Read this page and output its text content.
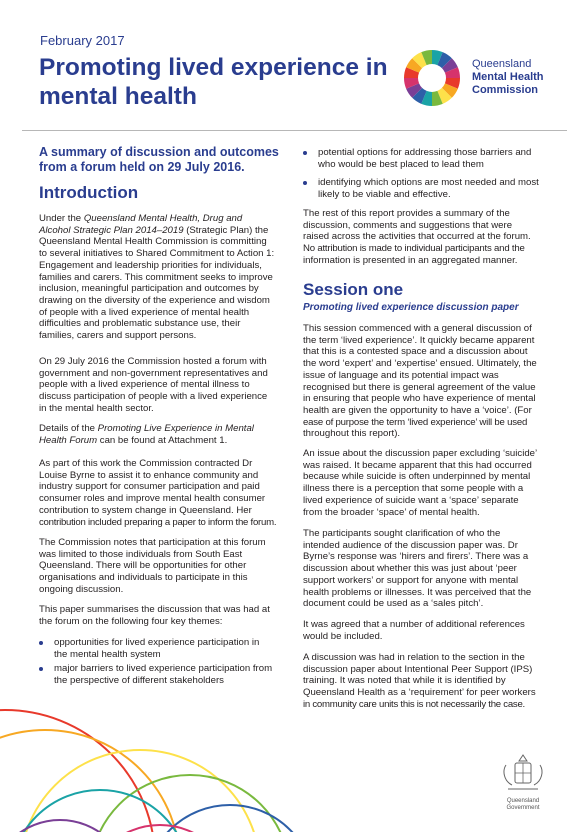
February 2017
Promoting lived experience in
mental health
Queensland
Mental Health
Commission
A summary of discussion and outcomes
from a forum held on 29 July 2016.
Introduction
Under the Queensland Mental Health, Drug and
Alcohol Strategic Plan 2014–2019 (Strategic Plan) the
Queensland Mental Health Commission is committing
to several initiatives to Shared Commitment to Action 1:
Engagement and leadership priorities for individuals,
families and carers. This commitment seeks to improve
inclusion, meaningful participation and outcomes by
drawing on the diversity of the experience and wisdom
of people with a lived experience of mental health
difficulties and problematic substance use, their
families, carers and support persons.
On 29 July 2016 the Commission hosted a forum with
government and non-government representatives and
people with a lived experience of mental illness to
discuss participation of people with a lived experience
in the mental health sector.
Details of the Promoting Live Experience in Mental
Health Forum can be found at Attachment 1.
As part of this work the Commission contracted Dr
Louise Byrne to assist it to enhance community and
industry support for consumer participation and paid
consumer roles and improve mental health consumer
contribution to system change in Queensland. Her
contribution included preparing a paper to inform the forum.
The Commission notes that participation at this forum
was limited to those individuals from South East
Queensland. There will be opportunities for other
organisations and individuals to participate in this
ongoing discussion.
This paper summarises the discussion that was had at
the forum on the following four key themes:
opportunities for lived experience participation in
the mental health system
major barriers to lived experience participation from
the perspective of different stakeholders
potential options for addressing those barriers and
who would be best placed to lead them
identifying which options are most needed and most
likely to be viable and effective.
The rest of this report provides a summary of the
discussion, comments and suggestions that were
raised across the activities that occurred at the forum.
No attribution is made to individual participants and the
information is presented in an aggregated manner.
Session one
Promoting lived experience discussion paper
This session commenced with a general discussion of
the term ‘lived experience’. It quickly became apparent
that this is a contested space and a discussion about
the word ‘expert’ and ‘expertise’ ensued. Ultimately, the
issue of language and its potential impact was
recognised but there is general agreement of the value
in ensuring that people who have experience of mental
health are given the opportunity to have a ‘voice’. (For
ease of purpose the term ‘lived experience’ will be used
throughout this report).
An issue about the discussion paper excluding ‘suicide’
was raised. It became apparent that this had occurred
because while suicide is often underpinned by mental
illness there is a perception that some people with a
lived experience of suicide want a ‘space’ separate
from the broader ‘space’ of mental health.
The participants sought clarification of who the
intended audience of the discussion paper was. Dr
Byrne’s response was ‘hirers and firers’. There was a
discussion about whether this was just about ‘peer
support workers’ or support for anyone with mental
health problems or illnesses. It was perceived that the
document could be used as a ‘sales pitch’.
It was agreed that a number of additional references
would be included.
A discussion was had in relation to the section in the
discussion paper about Intentional Peer Support (IPS)
training. It was noted that while it is identified by
Queensland Health as a ‘requirement’ for peer workers
in community care units this is not necessarily the case.
Queensland
Government
